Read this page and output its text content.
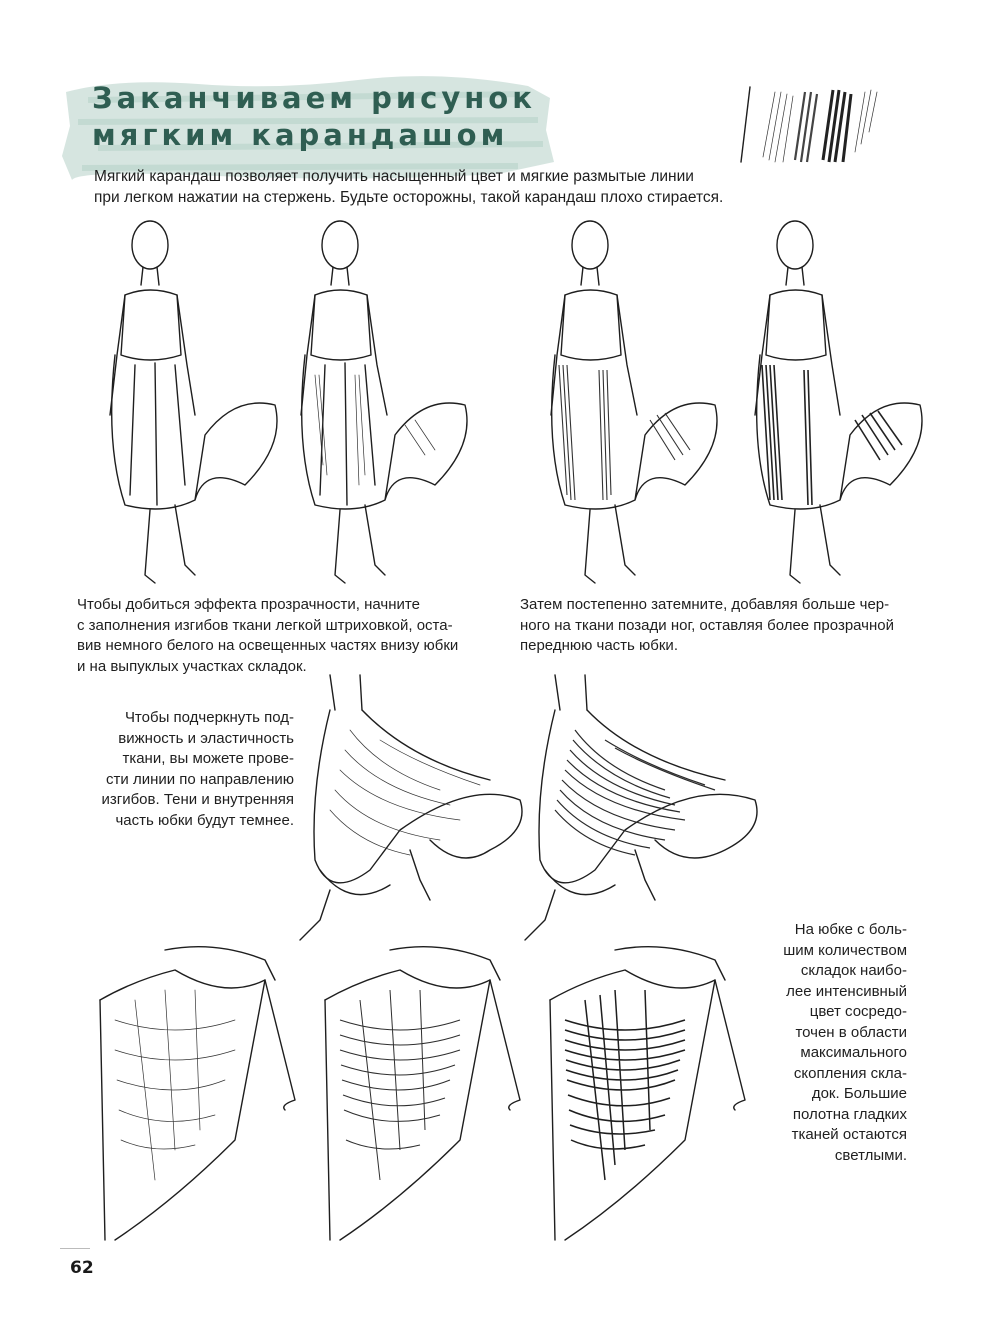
Заканчиваем рисунок
мягким карандашом

Мягкий карандаш позволяет получить насыщенный цвет и мягкие размытые линии
при легком нажатии на стержень. Будьте осторожны, такой карандаш плохо стирается.

Чтобы добиться эффекта прозрачности, начните
с заполнения изгибов ткани легкой штриховкой, оста-
вив немного белого на освещенных частях внизу юбки
и на выпуклых участках складок.

Затем постепенно затемните, добавляя больше чер-
ного на ткани позади ног, оставляя более прозрачной
переднюю часть юбки.

Чтобы подчеркнуть под-
вижность и эластичность
ткани, вы можете прове-
сти линии по направлению
изгибов. Тени и внутренняя
часть юбки будут темнее.

На юбке с боль-
шим количеством
складок наибо-
лее интенсивный
цвет сосредо-
точен в области
максимального
скопления скла-
док. Большие
полотна гладких
тканей остаются
светлыми.

62
